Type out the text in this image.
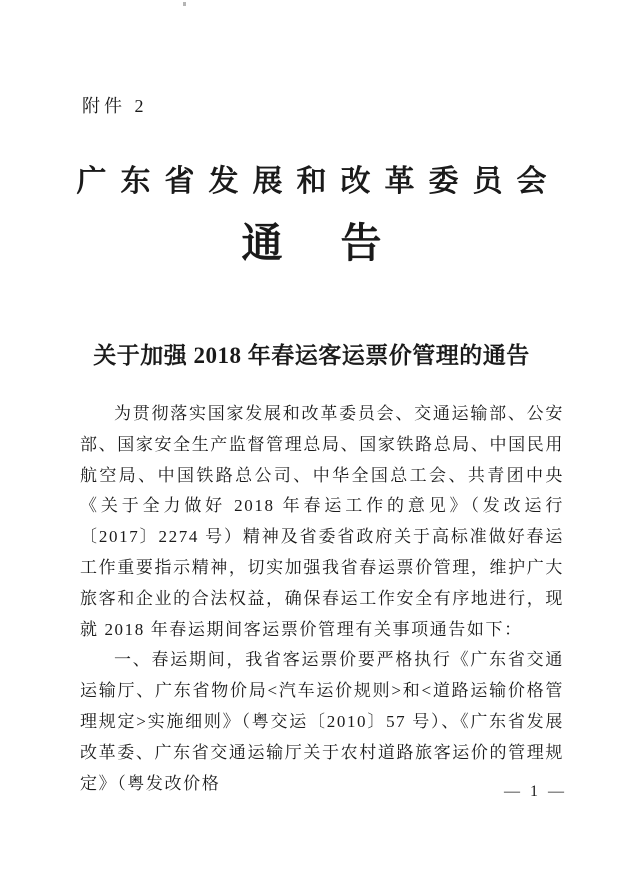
附件 2
广东省发展和改革委员会
通告
关于加强 2018 年春运客运票价管理的通告

为贯彻落实国家发展和改革委员会、交通运输部、公安部、国家安全生产监督管理总局、国家铁路总局、中国民用航空局、中国铁路总公司、中华全国总工会、共青团中央《关于全力做好 2018 年春运工作的意见》（发改运行〔2017〕2274 号）精神及省委省政府关于高标准做好春运工作重要指示精神，切实加强我省春运票价管理，维护广大旅客和企业的合法权益，确保春运工作安全有序地进行，现就 2018 年春运期间客运票价管理有关事项通告如下：

一、春运期间，我省客运票价要严格执行《广东省交通运输厅、广东省物价局<汽车运价规则>和<道路运输价格管理规定>实施细则》（粤交运〔2010〕57 号）、《广东省发展改革委、广东省交通运输厅关于农村道路旅客运价的管理规定》（粤发改价格	— 1 —
